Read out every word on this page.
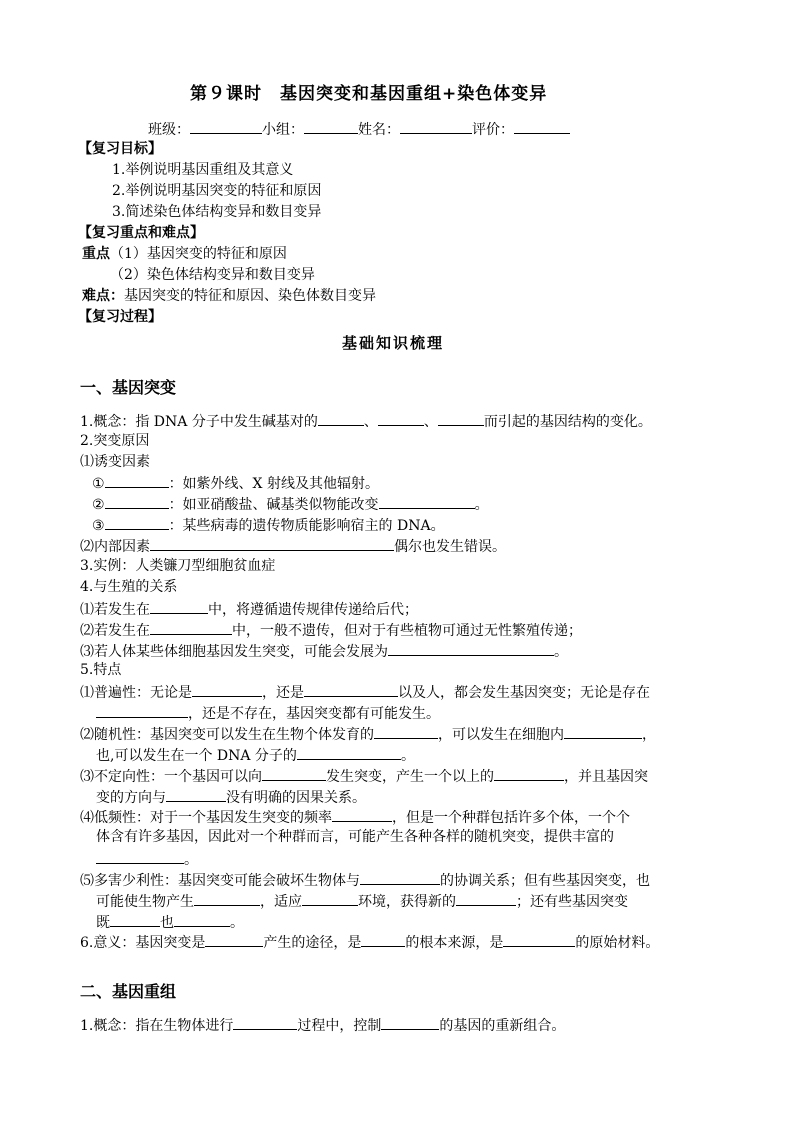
第９课时　基因突变和基因重组+染色体变异
班级：	小组：	姓名：	评价：
【复习目标】
1.举例说明基因重组及其意义
2.举例说明基因突变的特征和原因
3.简述染色体结构变异和数目变异
【复习重点和难点】
重点（1）基因突变的特征和原因
（2）染色体结构变异和数目变异
难点：基因突变的特征和原因、染色体数目变异
【复习过程】
基础知识梳理
一、基因突变
1.概念：指 DNA 分子中发生碱基对的	、	、	而引起的基因结构的变化。
2.突变原因
⑴诱变因素
①	：如紫外线、X 射线及其他辐射。
②	：如亚硝酸盐、碱基类似物能改变	。
③	：某些病毒的遗传物质能影响宿主的 DNA。
⑵内部因素	偶尔也发生错误。
3.实例：人类镰刀型细胞贫血症
4.与生殖的关系
⑴若发生在	中，将遵循遗传规律传递给后代；
⑵若发生在	中，一般不遗传，但对于有些植物可通过无性繁殖传递；
⑶若人体某些体细胞基因发生突变，可能会发展为	。
5.特点
⑴普遍性：无论是	，还是	以及人，都会发生基因突变；无论是存在
，还是不存在，基因突变都有可能发生。
⑵随机性：基因突变可以发生在生物个体发育的	，可以发生在细胞内	，
也,可以发生在一个 DNA 分子的	。
⑶不定向性：一个基因可以向	发生突变，产生一个以上的	，并且基因突
变的方向与	没有明确的因果关系。
⑷低频性：对于一个基因发生突变的频率	，但是一个种群包括许多个体，一个个
体含有许多基因，因此对一个种群而言，可能产生各种各样的随机突变，提供丰富的
。
⑸多害少利性：基因突变可能会破坏生物体与	的协调关系；但有些基因突变，也
可能使生物产生	，适应	环境，获得新的	；还有些基因突变
既	也	。
6.意义：基因突变是	产生的途径，是	的根本来源，是	的原始材料。
二、基因重组
1.概念：指在生物体进行	过程中，控制	的基因的重新组合。
